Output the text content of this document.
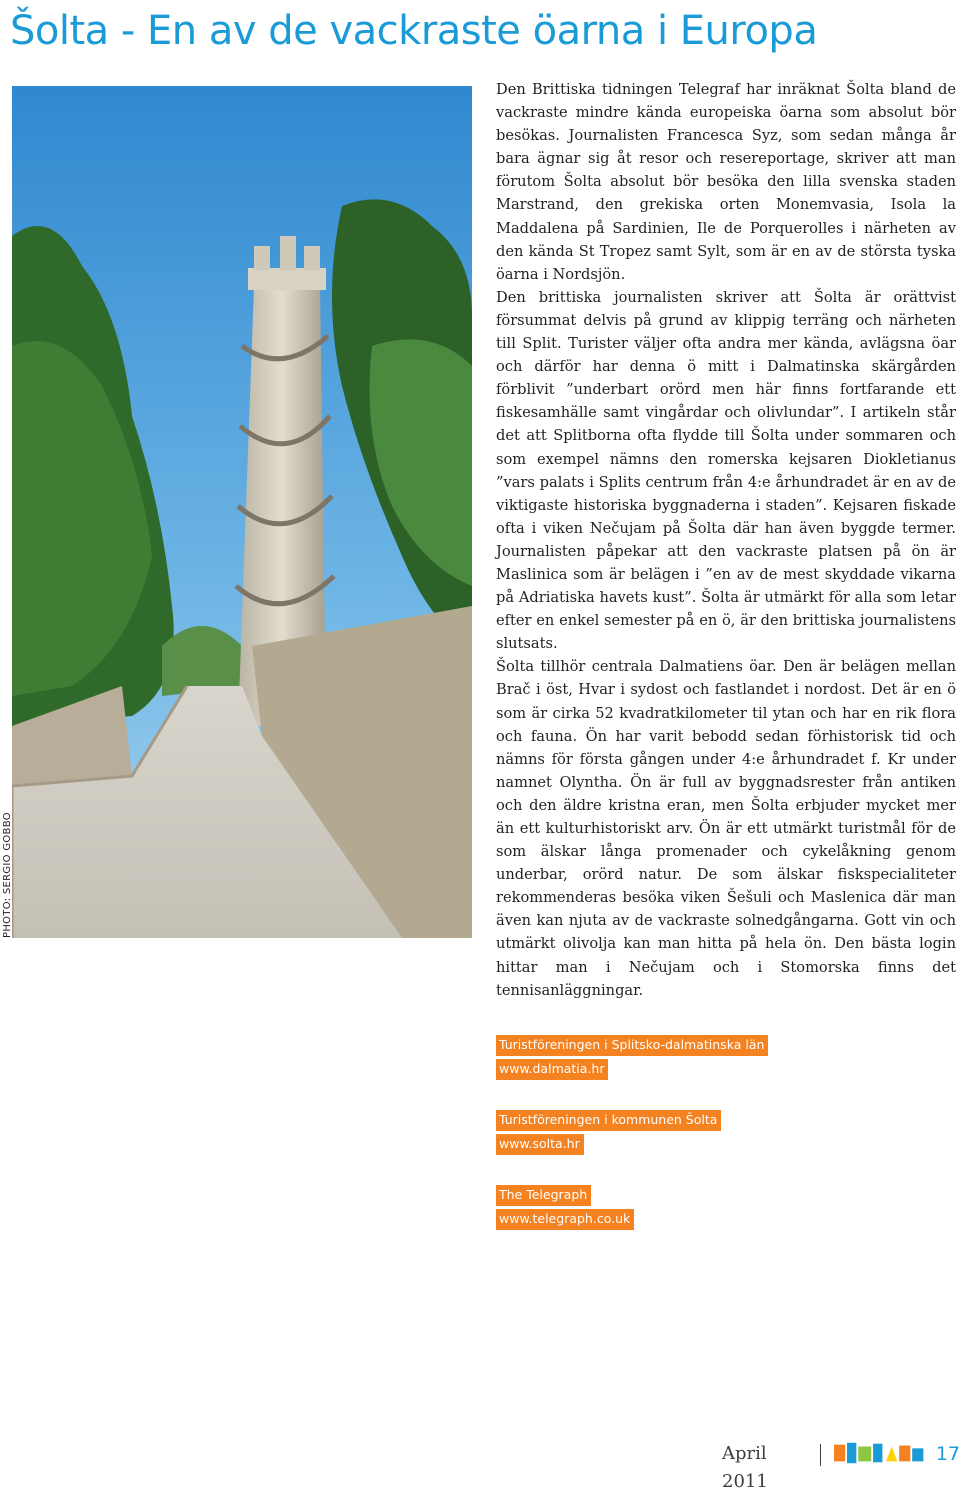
Šolta - En av de vackraste öarna i Europa
PHOTO: SERGIO GOBBO

Den Brittiska tidningen Telegraf har inräknat Šolta bland de vackraste mindre kända europeiska öarna som absolut bör besökas. Journalisten Francesca Syz, som sedan många år bara ägnar sig åt resor och resereportage, skriver att man förutom Šolta absolut bör besöka den lilla svenska staden Marstrand, den grekiska orten Monemvasia, Isola la Maddalena på Sardinien, Ile de Porquerolles i närheten av den kända St Tropez samt Sylt, som är en av de största tyska öarna i Nordsjön.

Den brittiska journalisten skriver att Šolta är orättvist försummat delvis på grund av klippig terräng och närheten till Split. Turister väljer ofta andra mer kända, avlägsna öar och därför har denna ö mitt i Dalmatinska skärgården förblivit ”underbart orörd men här finns fortfarande ett fiskesamhälle samt vingårdar och olivlundar”. I artikeln står det att Splitborna ofta flydde till Šolta under sommaren och som exempel nämns den romerska kejsaren Diokletianus ”vars palats i Splits centrum från 4:e århundradet är en av de viktigaste historiska byggnaderna i staden”. Kejsaren fiskade ofta i viken Nečujam på Šolta där han även byggde termer. Journalisten påpekar att den vackraste platsen på ön är Maslinica som är belägen i ”en av de mest skyddade vikarna på Adriatiska havets kust”. Šolta är utmärkt för alla som letar efter en enkel semester på en ö, är den brittiska journalistens slutsats.

Šolta tillhör centrala Dalmatiens öar. Den är belägen mellan Brač i öst, Hvar i sydost och fastlandet i nordost. Det är en ö som är cirka 52 kvadratkilometer til ytan och har en rik flora och fauna. Ön har varit bebodd sedan förhistorisk tid och nämns för första gången under 4:e århundradet f. Kr under namnet Olyntha. Ön är full av byggnadsrester från antiken och den äldre kristna eran, men Šolta erbjuder mycket mer än ett kulturhistoriskt arv. Ön är ett utmärkt turistmål för de som älskar långa promenader och cykelåkning genom underbar, orörd natur. De som älskar fiskspecialiteter rekommenderas besöka viken Šešuli och Maslenica där man även kan njuta av de vackraste solnedgångarna. Gott vin och utmärkt olivolja kan man hitta på hela ön. Den bästa login hittar man i Nečujam och i Stomorska finns det tennisanläggningar.

Turistföreningen i Splitsko-dalmatinska län
www.dalmatia.hr
Turistföreningen i kommunen Šolta
www.solta.hr
The Telegraph
www.telegraph.co.uk
April 2011
17
